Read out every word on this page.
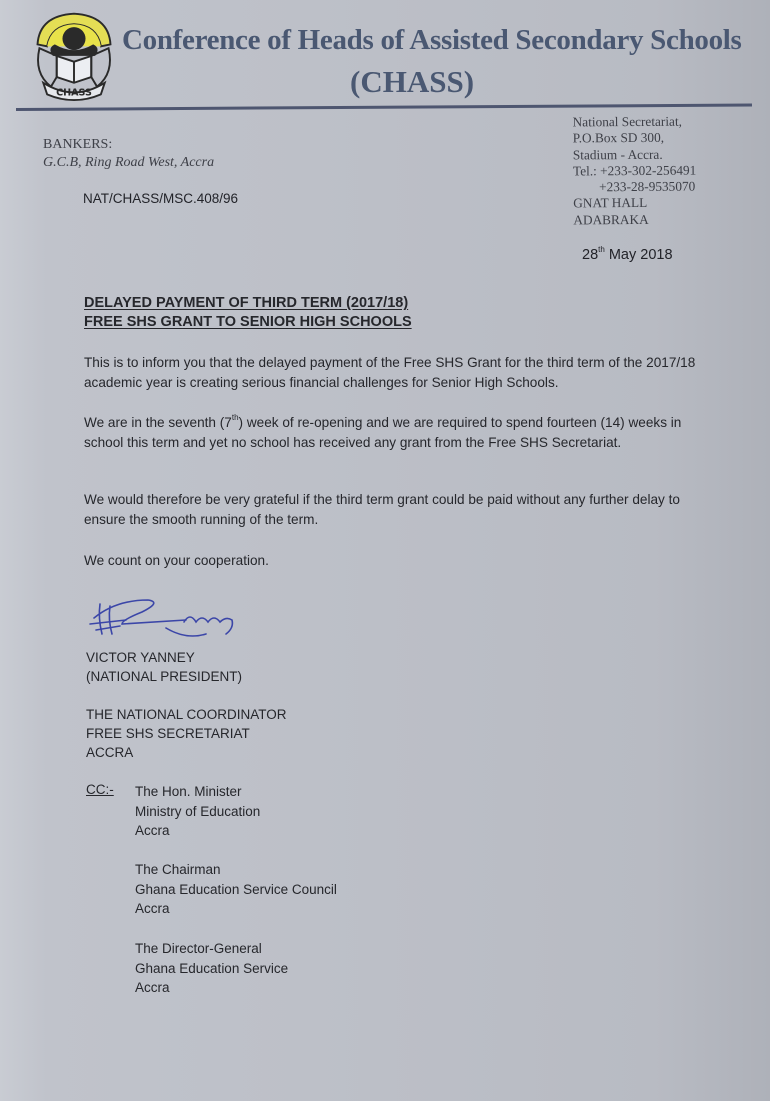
CHASS
Conference of Heads of Assisted Secondary Schools
(CHASS)
BANKERS:
G.C.B, Ring Road West, Accra
NAT/CHASS/MSC.408/96
National Secretariat,
P.O.Box SD 300,
Stadium - Accra.
Tel.: +233-302-256491
+233-28-9535070
GNAT HALL
ADABRAKA
28th May 2018
DELAYED PAYMENT OF THIRD TERM (2017/18)
FREE SHS GRANT TO SENIOR HIGH SCHOOLS
This is to inform you that the delayed payment of the Free SHS Grant for the third term of the 2017/18 academic year is creating serious financial challenges for Senior High Schools.
We are in the seventh (7th) week of re-opening and we are required to spend fourteen (14) weeks in school this term and yet no school has received any grant from the Free SHS Secretariat.
We would therefore be very grateful if the third term grant could be paid without any further delay to ensure the smooth running of the term.
We count on your cooperation.
VICTOR YANNEY
(NATIONAL PRESIDENT)
THE NATIONAL COORDINATOR
FREE SHS SECRETARIAT
ACCRA
CC:- The Hon. Minister
Ministry of Education
Accra
The Chairman
Ghana Education Service Council
Accra
The Director-General
Ghana Education Service
Accra
